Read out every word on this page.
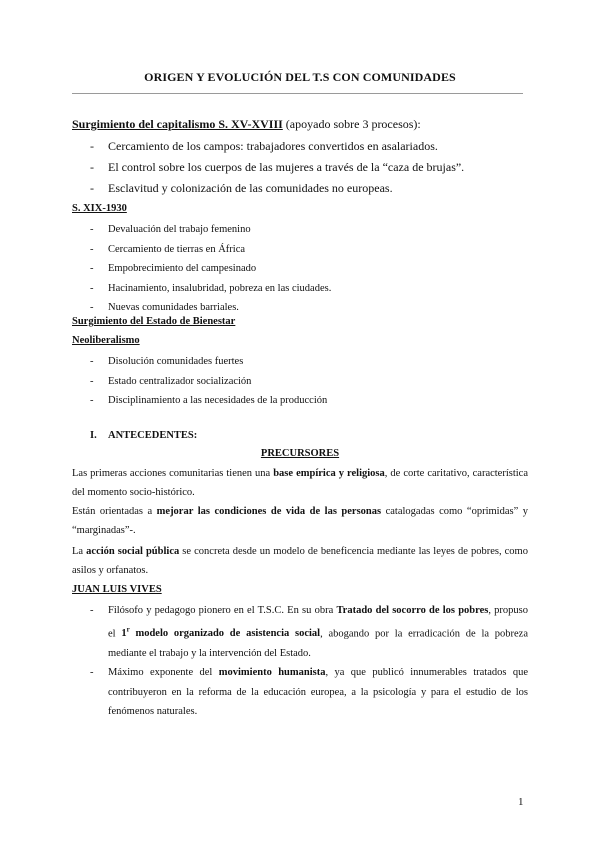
ORIGEN Y EVOLUCIÓN DEL T.S CON COMUNIDADES
Surgimiento del capitalismo S. XV-XVIII (apoyado sobre 3 procesos):
- Cercamiento de los campos: trabajadores convertidos en asalariados.
- El control sobre los cuerpos de las mujeres a través de la “caza de brujas”.
- Esclavitud y colonización de las comunidades no europeas.
S. XIX-1930
- Devaluación del trabajo femenino
- Cercamiento de tierras en África
- Empobrecimiento del campesinado
- Hacinamiento, insalubridad, pobreza en las ciudades.
- Nuevas comunidades barriales.
Surgimiento del Estado de Bienestar
Neoliberalismo
- Disolución comunidades fuertes
- Estado centralizador socialización
- Disciplinamiento a las necesidades de la producción
I. ANTECEDENTES:
PRECURSORES
Las primeras acciones comunitarias tienen una base empírica y religiosa, de corte caritativo, característica del momento socio-histórico.
Están orientadas a mejorar las condiciones de vida de las personas catalogadas como “oprimidas” y “marginadas”-.
La acción social pública se concreta desde un modelo de beneficencia mediante las leyes de pobres, como asilos y orfanatos.
JUAN LUIS VIVES
- Filósofo y pedagogo pionero en el T.S.C. En su obra Tratado del socorro de los pobres, propuso el 1$^r$ modelo organizado de asistencia social, abogando por la erradicación de la pobreza mediante el trabajo y la intervención del Estado.
- Máximo exponente del movimiento humanista, ya que publicó innumerables tratados que contribuyeron en la reforma de la educación europea, a la psicología y para el estudio de los fenómenos naturales.
1
